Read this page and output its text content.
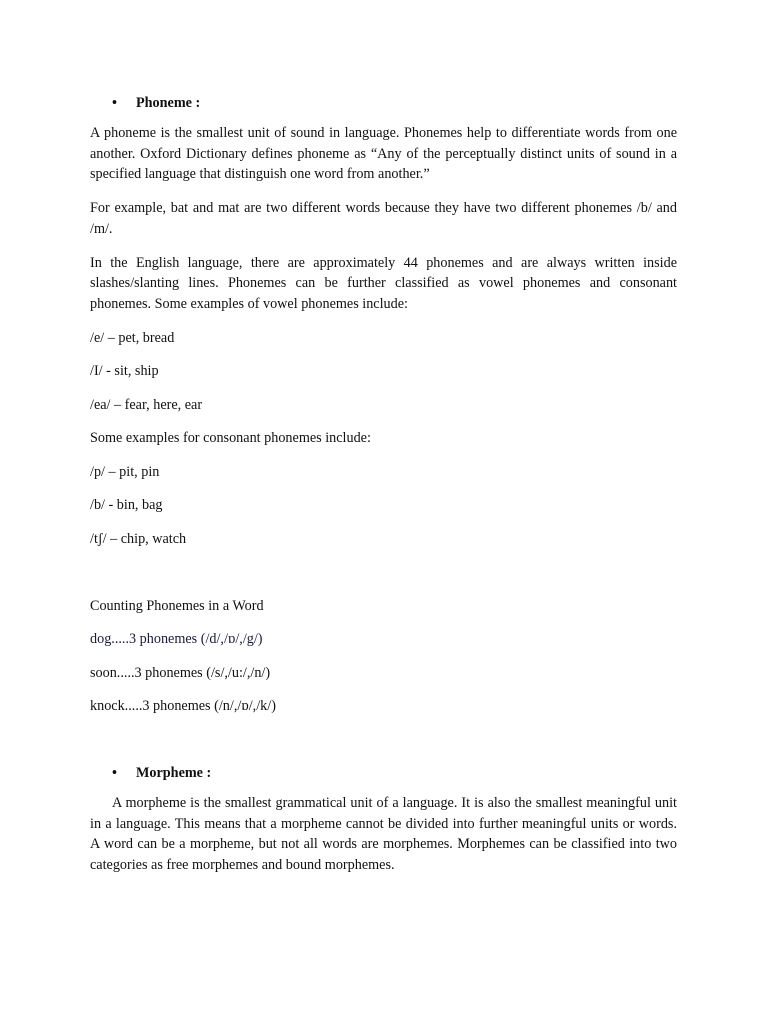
•	Phoneme :

A phoneme is the smallest unit of sound in language. Phonemes help to differentiate words from one another. Oxford Dictionary defines phoneme as “Any of the perceptually distinct units of sound in a specified language that distinguish one word from another.”

For example, bat and mat are two different words because they have two different phonemes /b/ and /m/.

In the English language, there are approximately 44 phonemes and are always written inside slashes/slanting lines. Phonemes can be further classified as vowel phonemes and consonant phonemes. Some examples of vowel phonemes include:

/e/ – pet, bread

/I/ - sit, ship

/ea/ – fear, here, ear

Some examples for consonant phonemes include:

/p/ – pit, pin

/b/ - bin, bag

/tʃ/ – chip, watch

Counting Phonemes in a Word

dog.....3 phonemes (/d/,/ɒ/,/g/)

soon.....3 phonemes (/s/,/u:/,/n/)

knock.....3 phonemes (/n/,/ɒ/,/k/)

•	Morpheme :

A morpheme is the smallest grammatical unit of a language. It is also the smallest meaningful unit in a language. This means that a morpheme cannot be divided into further meaningful units or words. A word can be a morpheme, but not all words are morphemes. Morphemes can be classified into two categories as free morphemes and bound morphemes.
